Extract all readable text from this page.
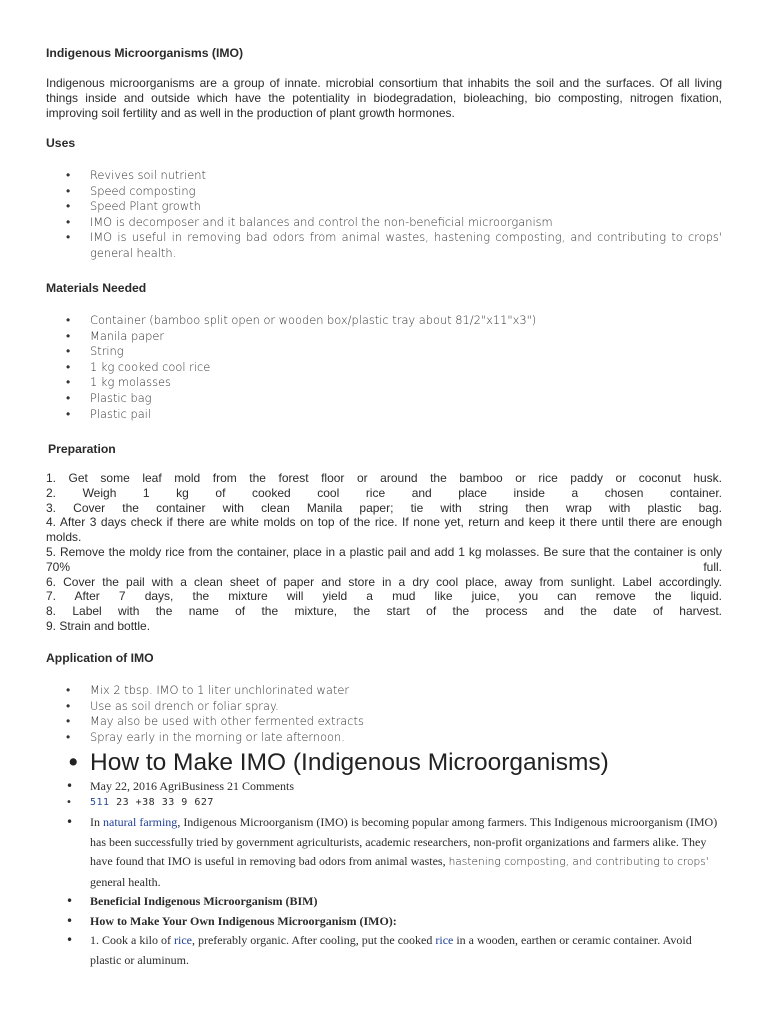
Indigenous Microorganisms (IMO)
Indigenous microorganisms are a group of innate. microbial consortium that inhabits the soil and the surfaces. Of all living things inside and outside which have the potentiality in biodegradation, bioleaching, bio composting, nitrogen fixation, improving soil fertility and as well in the production of plant growth hormones.
Uses
• Revives soil nutrient
• Speed composting
• Speed Plant growth
• IMO is decomposer and it balances and control the non-beneficial microorganism
• IMO is useful in removing bad odors from animal wastes, hastening composting, and contributing to crops' general health.
Materials Needed
• Container (bamboo split open or wooden box/plastic tray about 81/2"x11"x3")
• Manila paper
• String
• 1 kg cooked cool rice
• 1 kg molasses
• Plastic bag
• Plastic pail
Preparation
1. Get some leaf mold from the forest floor or around the bamboo or rice paddy or coconut husk.
2. Weigh 1 kg of cooked cool rice and place inside a chosen container.
3. Cover the container with clean Manila paper; tie with string then wrap with plastic bag.
4. After 3 days check if there are white molds on top of the rice. If none yet, return and keep it there until there are enough molds.
5. Remove the moldy rice from the container, place in a plastic pail and add 1 kg molasses. Be sure that the container is only 70% full.
6. Cover the pail with a clean sheet of paper and store in a dry cool place, away from sunlight. Label accordingly.
7. After 7 days, the mixture will yield a mud like juice, you can remove the liquid.
8. Label with the name of the mixture, the start of the process and the date of harvest.
9. Strain and bottle.
Application of IMO
• Mix 2 tbsp. IMO to 1 liter unchlorinated water
• Use as soil drench or foliar spray.
• May also be used with other fermented extracts
• Spray early in the morning or late afternoon.
• How to Make IMO (Indigenous Microorganisms)
• May 22, 2016 AgriBusiness 21 Comments
• 511 23 +38 33 9 627
• In natural farming, Indigenous Microorganism (IMO) is becoming popular among farmers. This Indigenous microorganism (IMO) has been successfully tried by government agriculturists, academic researchers, non-profit organizations and farmers alike. They have found that IMO is useful in removing bad odors from animal wastes, hastening composting, and contributing to crops' general health.
• Beneficial Indigenous Microorganism (BIM)
• How to Make Your Own Indigenous Microorganism (IMO):
• 1. Cook a kilo of rice, preferably organic. After cooling, put the cooked rice in a wooden, earthen or ceramic container. Avoid plastic or aluminum.
